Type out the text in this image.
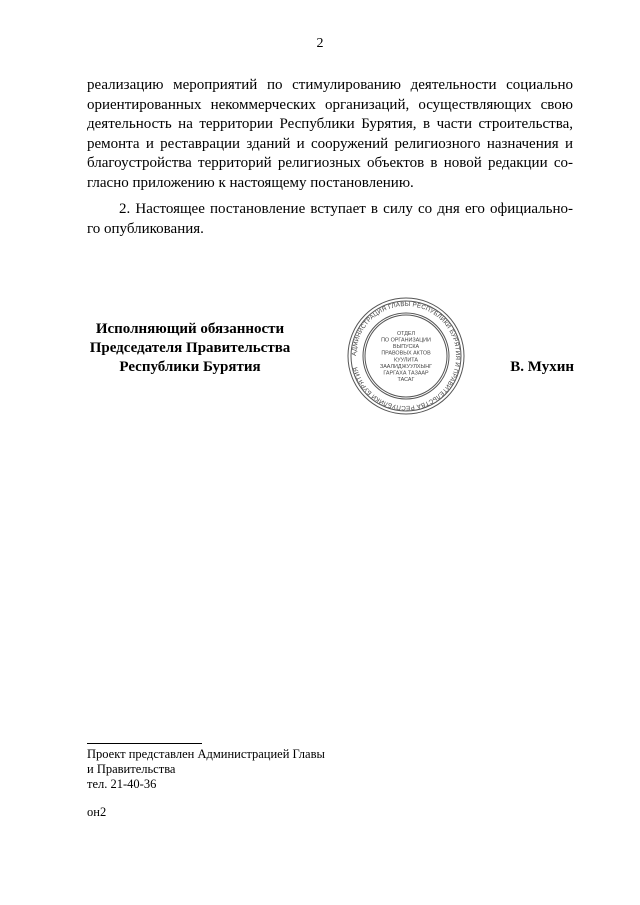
2
реализацию мероприятий по стимулированию деятельности социально
ориентированных некоммерческих организаций, осуществляющих свою
деятельность на территории Республики Бурятия, в части строительства,
ремонта и реставрации зданий и сооружений религиозного назначения и
благоустройства территорий религиозных объектов в новой редакции со-
гласно приложению к настоящему постановлению.
2. Настоящее постановление вступает в силу со дня его официально-
го опубликования.
Исполняющий обязанности
Председателя Правительства
Республики Бурятия	В. Мухин
АДМИНИСТРАЦИЯ ГЛАВЫ РЕСПУБЛИКИ БУРЯТИЯ И ПРАВИТЕЛЬСТВА РЕСПУБЛИКИ БУРЯТИЯ
ОТДЕЛ
ПО ОРГАНИЗАЦИИ
ВЫПУСКА
ПРАВОВЫХ АКТОВ
КУУЛИТА
ЗААЛИДЖУУЛХЫНГ
ГАРГАХА ТАЗААР
ТАСАГ
Проект представлен Администрацией Главы
и Правительства
тел. 21-40-36
он2
